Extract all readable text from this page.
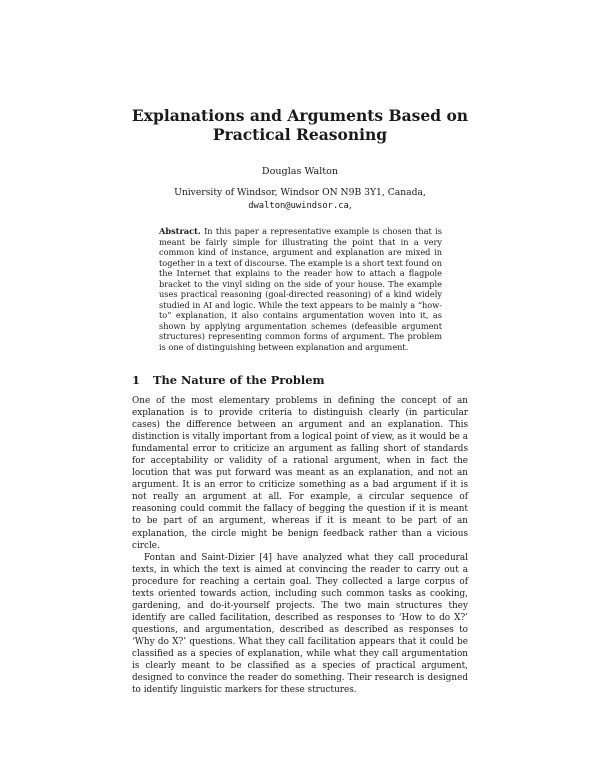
Explanations and Arguments Based on Practical Reasoning
Douglas Walton
University of Windsor, Windsor ON N9B 3Y1, Canada,
dwalton@uwindsor.ca,
Abstract. In this paper a representative example is chosen that is meant be fairly simple for illustrating the point that in a very common kind of instance, argument and explanation are mixed in together in a text of discourse. The example is a short text found on the Internet that explains to the reader how to attach a flagpole bracket to the vinyl siding on the side of your house. The example uses practical reasoning (goal-directed reasoning) of a kind widely studied in AI and logic. While the text appears to be mainly a “how-to” explanation, it also contains argumentation woven into it, as shown by applying argumentation schemes (defeasible argument structures) representing common forms of argument. The problem is one of distinguishing between explanation and argument.
1 The Nature of the Problem

One of the most elementary problems in defining the concept of an explanation is to provide criteria to distinguish clearly (in particular cases) the difference between an argument and an explanation. This distinction is vitally important from a logical point of view, as it would be a fundamental error to criticize an argument as falling short of standards for acceptability or validity of a rational argument, when in fact the locution that was put forward was meant as an explanation, and not an argument. It is an error to criticize something as a bad argument if it is not really an argument at all. For example, a circular sequence of reasoning could commit the fallacy of begging the question if it is meant to be part of an argument, whereas if it is meant to be part of an explanation, the circle might be benign feedback rather than a vicious circle.

Fontan and Saint-Dizier [4] have analyzed what they call procedural texts, in which the text is aimed at convincing the reader to carry out a procedure for reaching a certain goal. They collected a large corpus of texts oriented towards action, including such common tasks as cooking, gardening, and do-it-yourself projects. The two main structures they identify are called facilitation, described as responses to ‘How to do X?’ questions, and argumentation, described as described as responses to ‘Why do X?’ questions. What they call facilitation appears that it could be classified as a species of explanation, while what they call argumentation is clearly meant to be classified as a species of practical argument, designed to convince the reader do something. Their research is designed to identify linguistic markers for these structures.
